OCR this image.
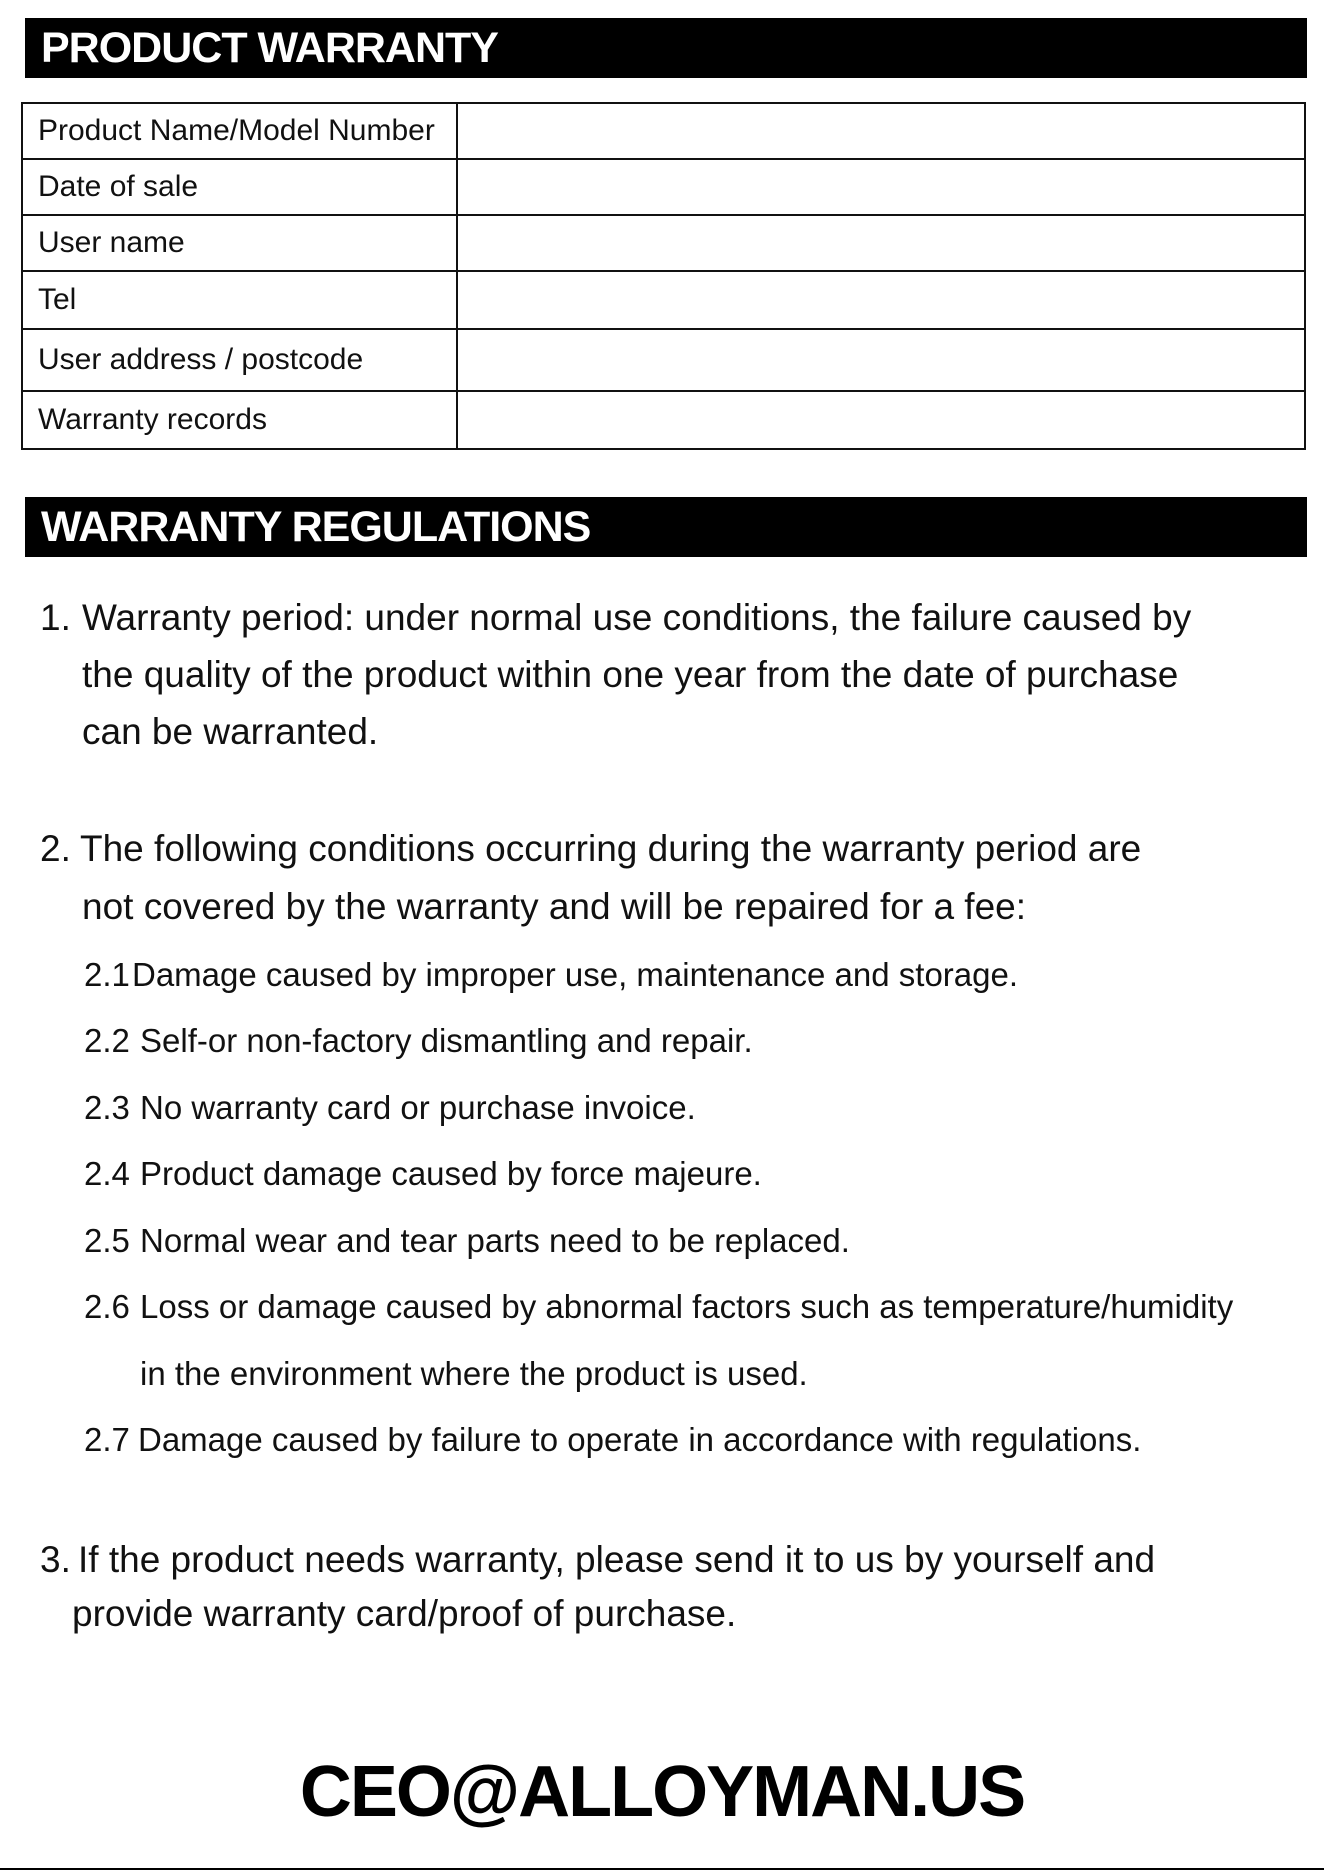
PRODUCT WARRANTY
Product Name/Model Number	
Date of sale	
User name	
Tel	
User address / postcode	
Warranty records	
WARRANTY REGULATIONS
1. Warranty period: under normal use conditions, the failure caused by
the quality of the product within one year from the date of purchase
can be warranted.
2. The following conditions occurring during the warranty period are
not covered by the warranty and will be repaired for a fee:
2.1 Damage caused by improper use, maintenance and storage.
2.2 Self-or non-factory dismantling and repair.
2.3 No warranty card or purchase invoice.
2.4 Product damage caused by force majeure.
2.5 Normal wear and tear parts need to be replaced.
2.6 Loss or damage caused by abnormal factors such as temperature/humidity
in the environment where the product is used.
2.7 Damage caused by failure to operate in accordance with regulations.
3. If the product needs warranty, please send it to us by yourself and
provide warranty card/proof of purchase.
CEO@ALLOYMAN.US
